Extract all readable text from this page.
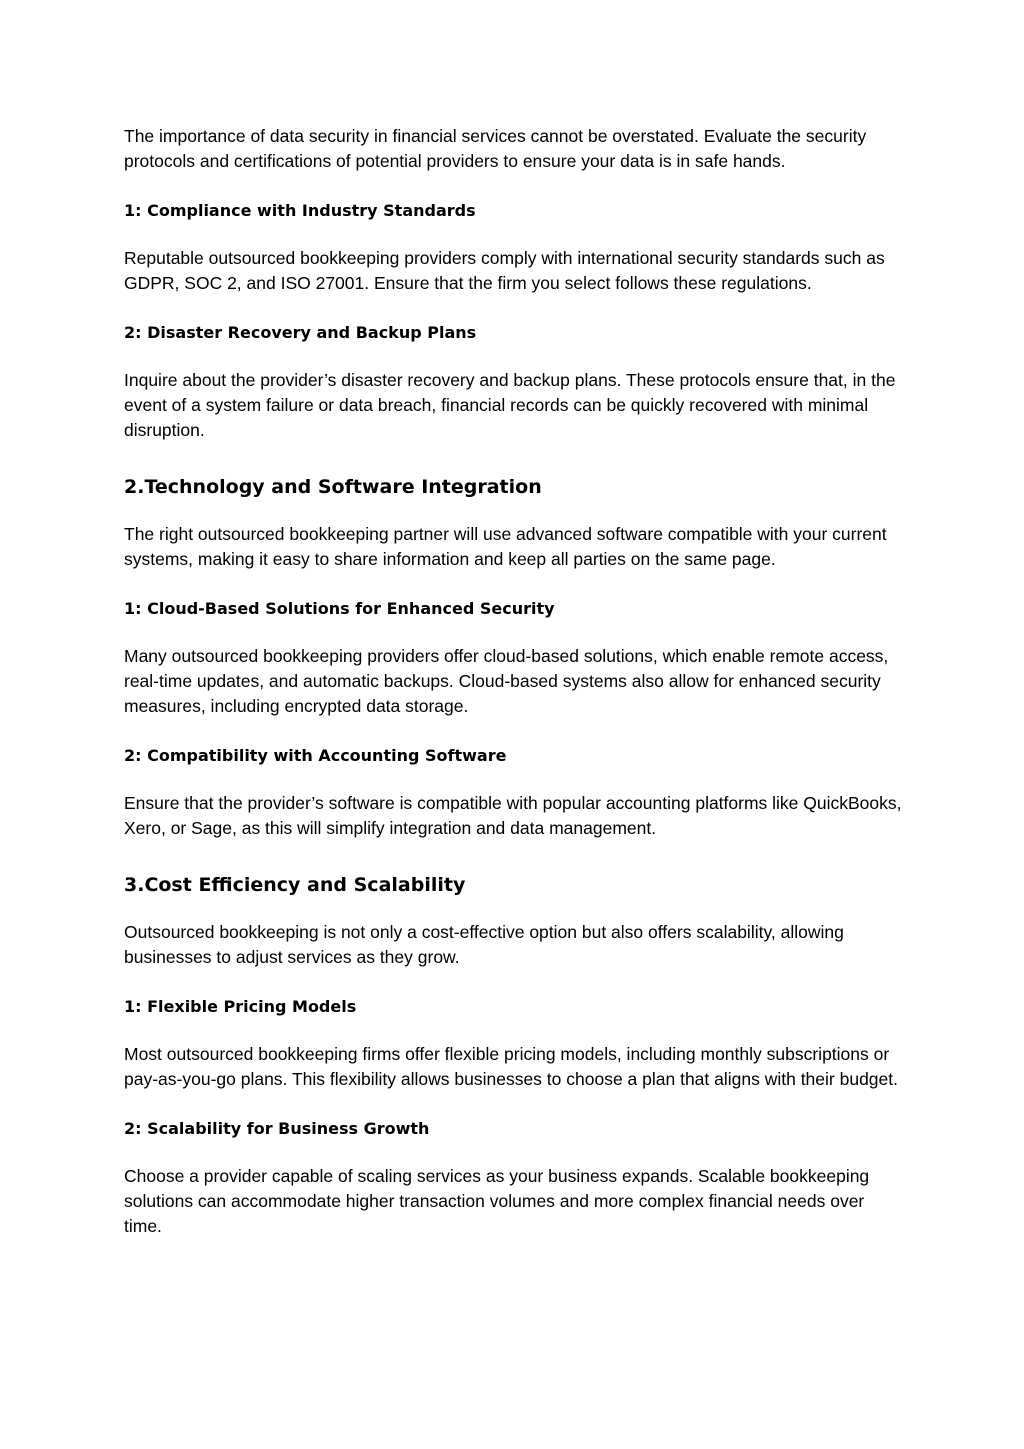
The importance of data security in financial services cannot be overstated. Evaluate the security protocols and certifications of potential providers to ensure your data is in safe hands.

1: Compliance with Industry Standards

Reputable outsourced bookkeeping providers comply with international security standards such as GDPR, SOC 2, and ISO 27001. Ensure that the firm you select follows these regulations.

2: Disaster Recovery and Backup Plans

Inquire about the provider’s disaster recovery and backup plans. These protocols ensure that, in the event of a system failure or data breach, financial records can be quickly recovered with minimal disruption.

2.Technology and Software Integration

The right outsourced bookkeeping partner will use advanced software compatible with your current systems, making it easy to share information and keep all parties on the same page.

1: Cloud-Based Solutions for Enhanced Security

Many outsourced bookkeeping providers offer cloud-based solutions, which enable remote access, real-time updates, and automatic backups. Cloud-based systems also allow for enhanced security measures, including encrypted data storage.

2: Compatibility with Accounting Software

Ensure that the provider’s software is compatible with popular accounting platforms like QuickBooks, Xero, or Sage, as this will simplify integration and data management.

3.Cost Efficiency and Scalability

Outsourced bookkeeping is not only a cost-effective option but also offers scalability, allowing businesses to adjust services as they grow.

1: Flexible Pricing Models

Most outsourced bookkeeping firms offer flexible pricing models, including monthly subscriptions or pay-as-you-go plans. This flexibility allows businesses to choose a plan that aligns with their budget.

2: Scalability for Business Growth

Choose a provider capable of scaling services as your business expands. Scalable bookkeeping solutions can accommodate higher transaction volumes and more complex financial needs over time.
